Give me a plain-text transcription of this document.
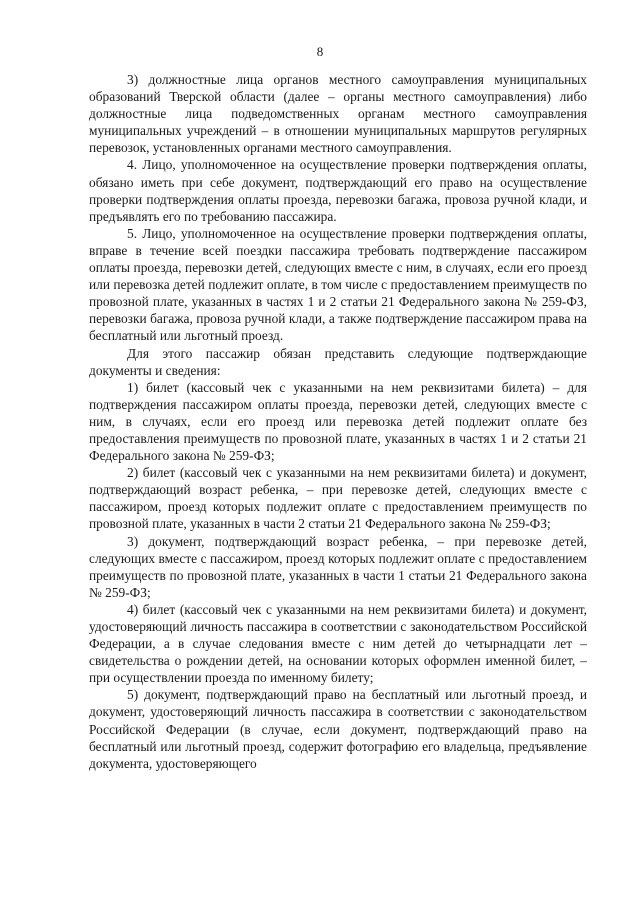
8

3) должностные лица органов местного самоуправления муниципальных образований Тверской области (далее – органы местного самоуправления) либо должностные лица подведомственных органам местного самоуправления муниципальных учреждений – в отношении муниципальных маршрутов регулярных перевозок, установленных органами местного самоуправления.

4. Лицо, уполномоченное на осуществление проверки подтверждения оплаты, обязано иметь при себе документ, подтверждающий его право на осуществление проверки подтверждения оплаты проезда, перевозки багажа, провоза ручной клади, и предъявлять его по требованию пассажира.

5. Лицо, уполномоченное на осуществление проверки подтверждения оплаты, вправе в течение всей поездки пассажира требовать подтверждение пассажиром оплаты проезда, перевозки детей, следующих вместе с ним, в случаях, если его проезд или перевозка детей подлежит оплате, в том числе с предоставлением преимуществ по провозной плате, указанных в частях 1 и 2 статьи 21 Федерального закона № 259-ФЗ, перевозки багажа, провоза ручной клади, а также подтверждение пассажиром права на бесплатный или льготный проезд.

Для этого пассажир обязан представить следующие подтверждающие документы и сведения:

1) билет (кассовый чек с указанными на нем реквизитами билета) – для подтверждения пассажиром оплаты проезда, перевозки детей, следующих вместе с ним, в случаях, если его проезд или перевозка детей подлежит оплате без предоставления преимуществ по провозной плате, указанных в частях 1 и 2 статьи 21 Федерального закона № 259-ФЗ;

2) билет (кассовый чек с указанными на нем реквизитами билета) и документ, подтверждающий возраст ребенка, – при перевозке детей, следующих вместе с пассажиром, проезд которых подлежит оплате с предоставлением преимуществ по провозной плате, указанных в части 2 статьи 21 Федерального закона № 259-ФЗ;

3) документ, подтверждающий возраст ребенка, – при перевозке детей, следующих вместе с пассажиром, проезд которых подлежит оплате с предоставлением преимуществ по провозной плате, указанных в части 1 статьи 21 Федерального закона № 259-ФЗ;

4) билет (кассовый чек с указанными на нем реквизитами билета) и документ, удостоверяющий личность пассажира в соответствии с законодательством Российской Федерации, а в случае следования вместе с ним детей до четырнадцати лет – свидетельства о рождении детей, на основании которых оформлен именной билет, – при осуществлении проезда по именному билету;

5) документ, подтверждающий право на бесплатный или льготный проезд, и документ, удостоверяющий личность пассажира в соответствии с законодательством Российской Федерации (в случае, если документ, подтверждающий право на бесплатный или льготный проезд, содержит фотографию его владельца, предъявление документа, удостоверяющего
